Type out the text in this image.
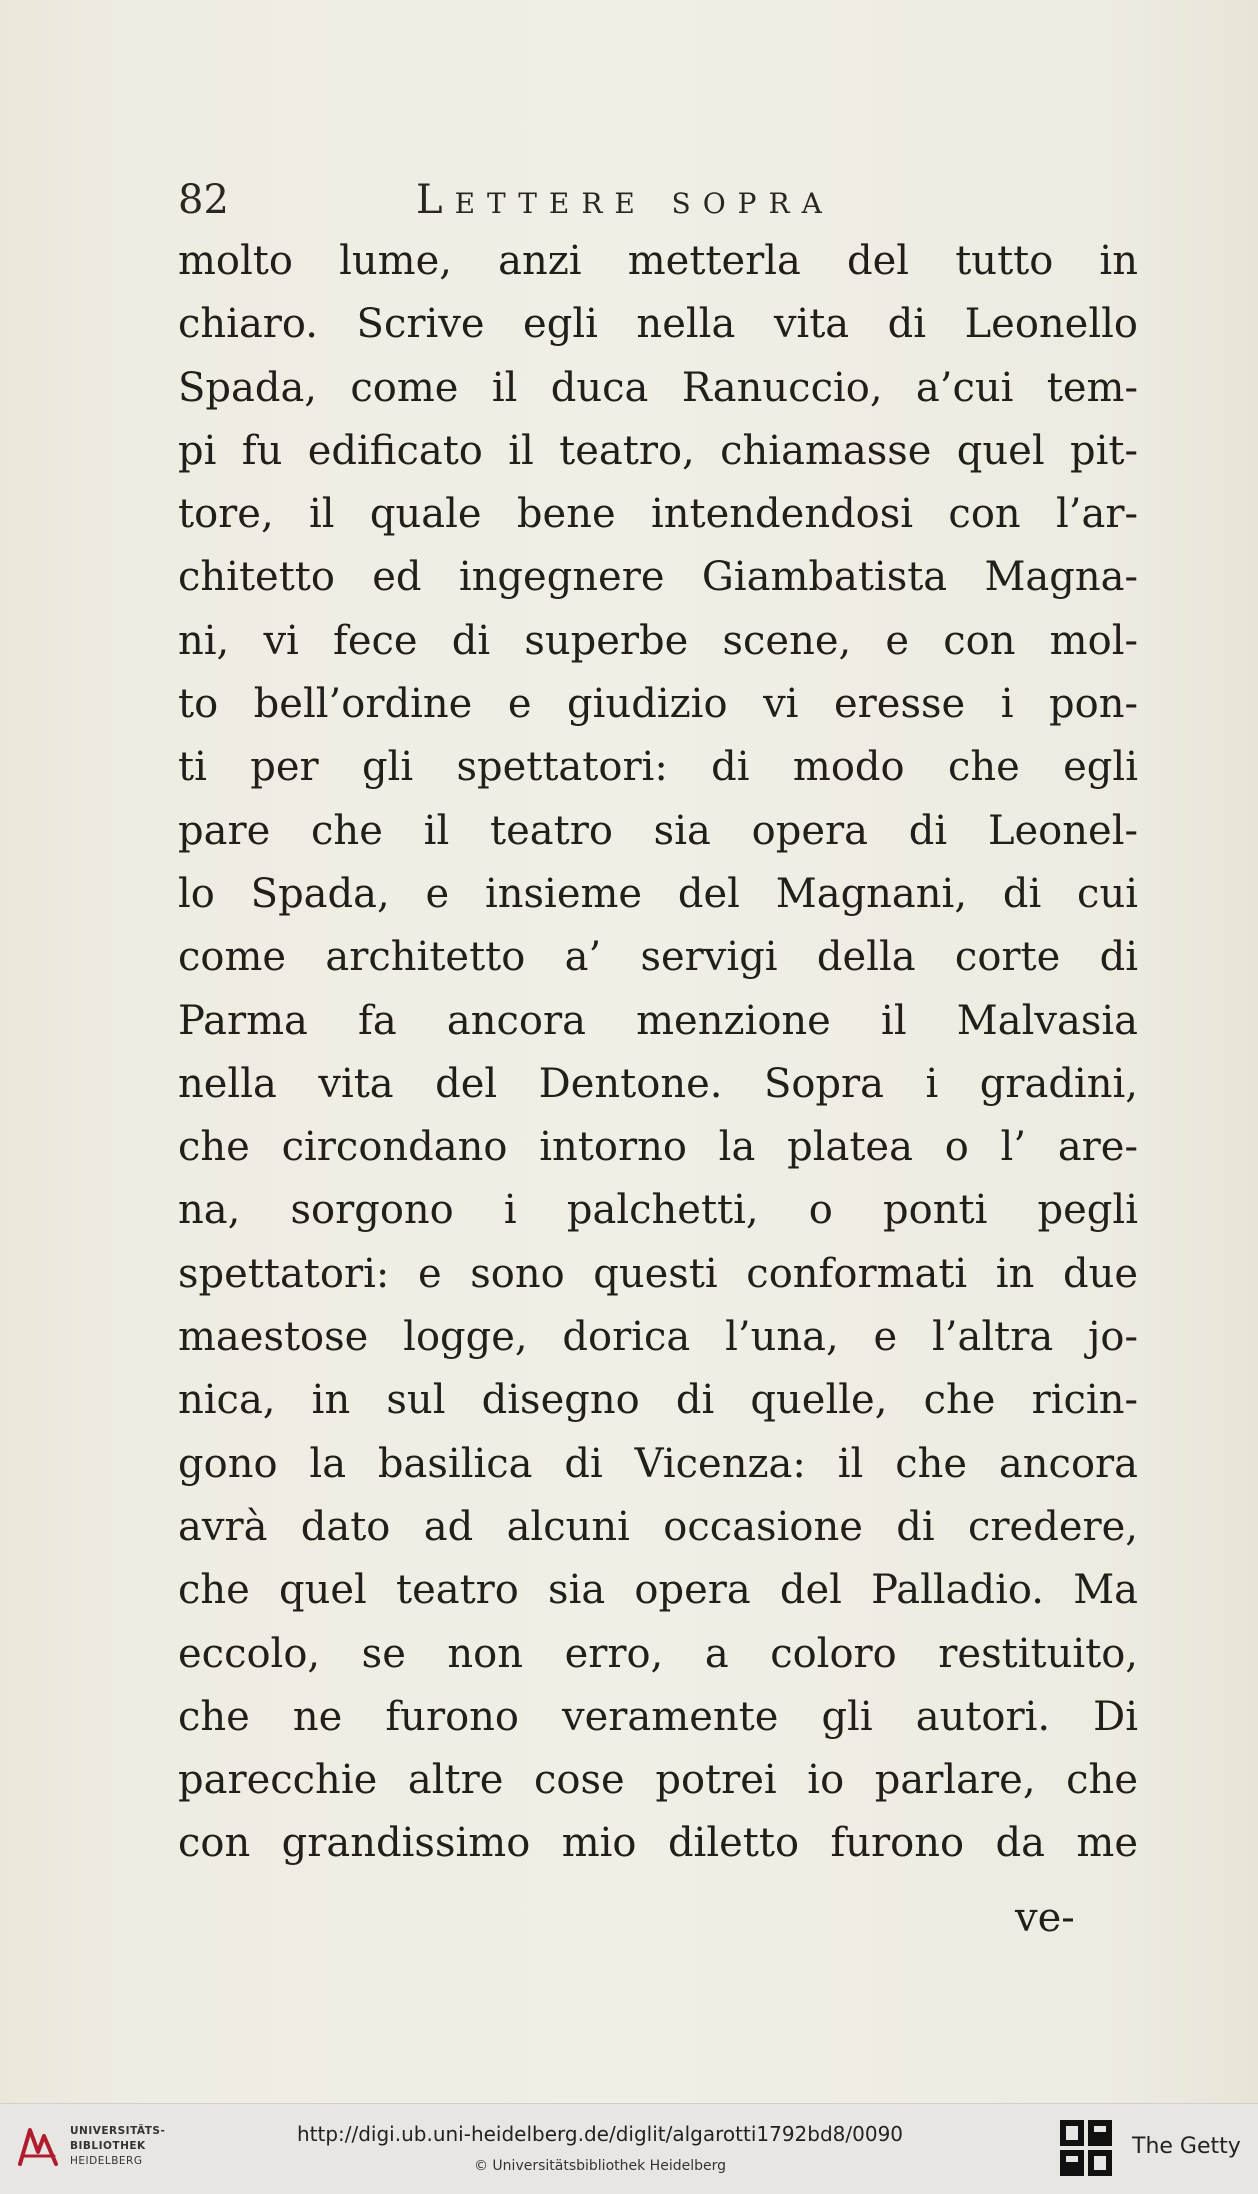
82	Lettere sopra
molto lume, anzi metterla del tutto in
chiaro. Scrive egli nella vita di Leonello
Spada, come il duca Ranuccio, a’cui tem-
pi fu edificato il teatro, chiamasse quel pit-
tore, il quale bene intendendosi con l’ar-
chitetto ed ingegnere Giambatista Magna-
ni, vi fece di superbe scene, e con mol-
to bell’ordine e giudizio vi eresse i pon-
ti per gli spettatori: di modo che egli
pare che il teatro sia opera di Leonel-
lo Spada, e insieme del Magnani, di cui
come architetto a’ servigi della corte di
Parma fa ancora menzione il Malvasia
nella vita del Dentone. Sopra i gradini,
che circondano intorno la platea o l’ are-
na, sorgono i palchetti, o ponti pegli
spettatori: e sono questi conformati in due
maestose logge, dorica l’una, e l’altra jo-
nica, in sul disegno di quelle, che ricin-
gono la basilica di Vicenza: il che ancora
avrà dato ad alcuni occasione di credere,
che quel teatro sia opera del Palladio. Ma
eccolo, se non erro, a coloro restituito,
che ne furono veramente gli autori. Di
parecchie altre cose potrei io parlare, che
con grandissimo mio diletto furono da me
ve-
UNIVERSITÄTS-
BIBLIOTHEK
HEIDELBERG
http://digi.ub.uni-heidelberg.de/diglit/algarotti1792bd8/0090
© Universitätsbibliothek Heidelberg
The Getty
